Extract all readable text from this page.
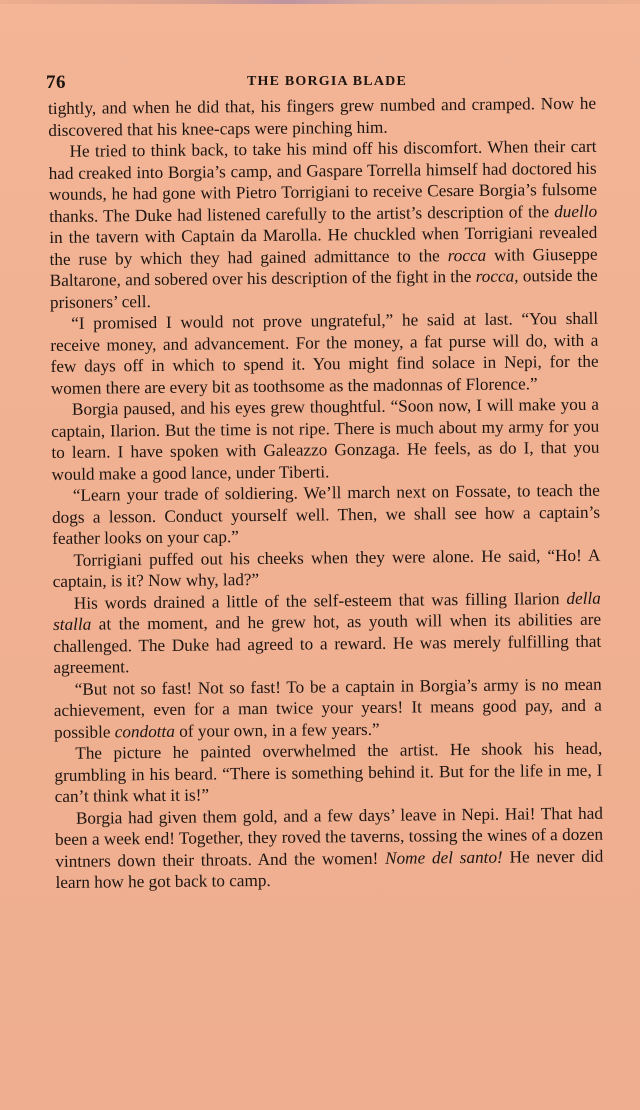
76	THE BORGIA BLADE

tightly, and when he did that, his fingers grew numbed and cramped. Now he discovered that his knee-caps were pinching him.

He tried to think back, to take his mind off his discomfort. When their cart had creaked into Borgia’s camp, and Gaspare Torrella himself had doctored his wounds, he had gone with Pietro Torrigiani to receive Cesare Borgia’s fulsome thanks. The Duke had listened carefully to the artist’s description of the duello in the tavern with Captain da Marolla. He chuckled when Torrigiani revealed the ruse by which they had gained admittance to the rocca with Giuseppe Baltarone, and sobered over his description of the fight in the rocca, outside the prisoners’ cell.

“I promised I would not prove ungrateful,” he said at last. “You shall receive money, and advancement. For the money, a fat purse will do, with a few days off in which to spend it. You might find solace in Nepi, for the women there are every bit as toothsome as the madonnas of Florence.”

Borgia paused, and his eyes grew thoughtful. “Soon now, I will make you a captain, Ilarion. But the time is not ripe. There is much about my army for you to learn. I have spoken with Galeazzo Gonzaga. He feels, as do I, that you would make a good lance, under Tiberti.

“Learn your trade of soldiering. We’ll march next on Fossate, to teach the dogs a lesson. Conduct yourself well. Then, we shall see how a captain’s feather looks on your cap.”

Torrigiani puffed out his cheeks when they were alone. He said, “Ho! A captain, is it? Now why, lad?”

His words drained a little of the self-esteem that was filling Ilarion della stalla at the moment, and he grew hot, as youth will when its abilities are challenged. The Duke had agreed to a reward. He was merely fulfilling that agreement.

“But not so fast! Not so fast! To be a captain in Borgia’s army is no mean achievement, even for a man twice your years! It means good pay, and a possible condotta of your own, in a few years.”

The picture he painted overwhelmed the artist. He shook his head, grumbling in his beard. “There is something behind it. But for the life in me, I can’t think what it is!”

Borgia had given them gold, and a few days’ leave in Nepi. Hai! That had been a week end! Together, they roved the taverns, tossing the wines of a dozen vintners down their throats. And the women! Nome del santo! He never did learn how he got back to camp.
